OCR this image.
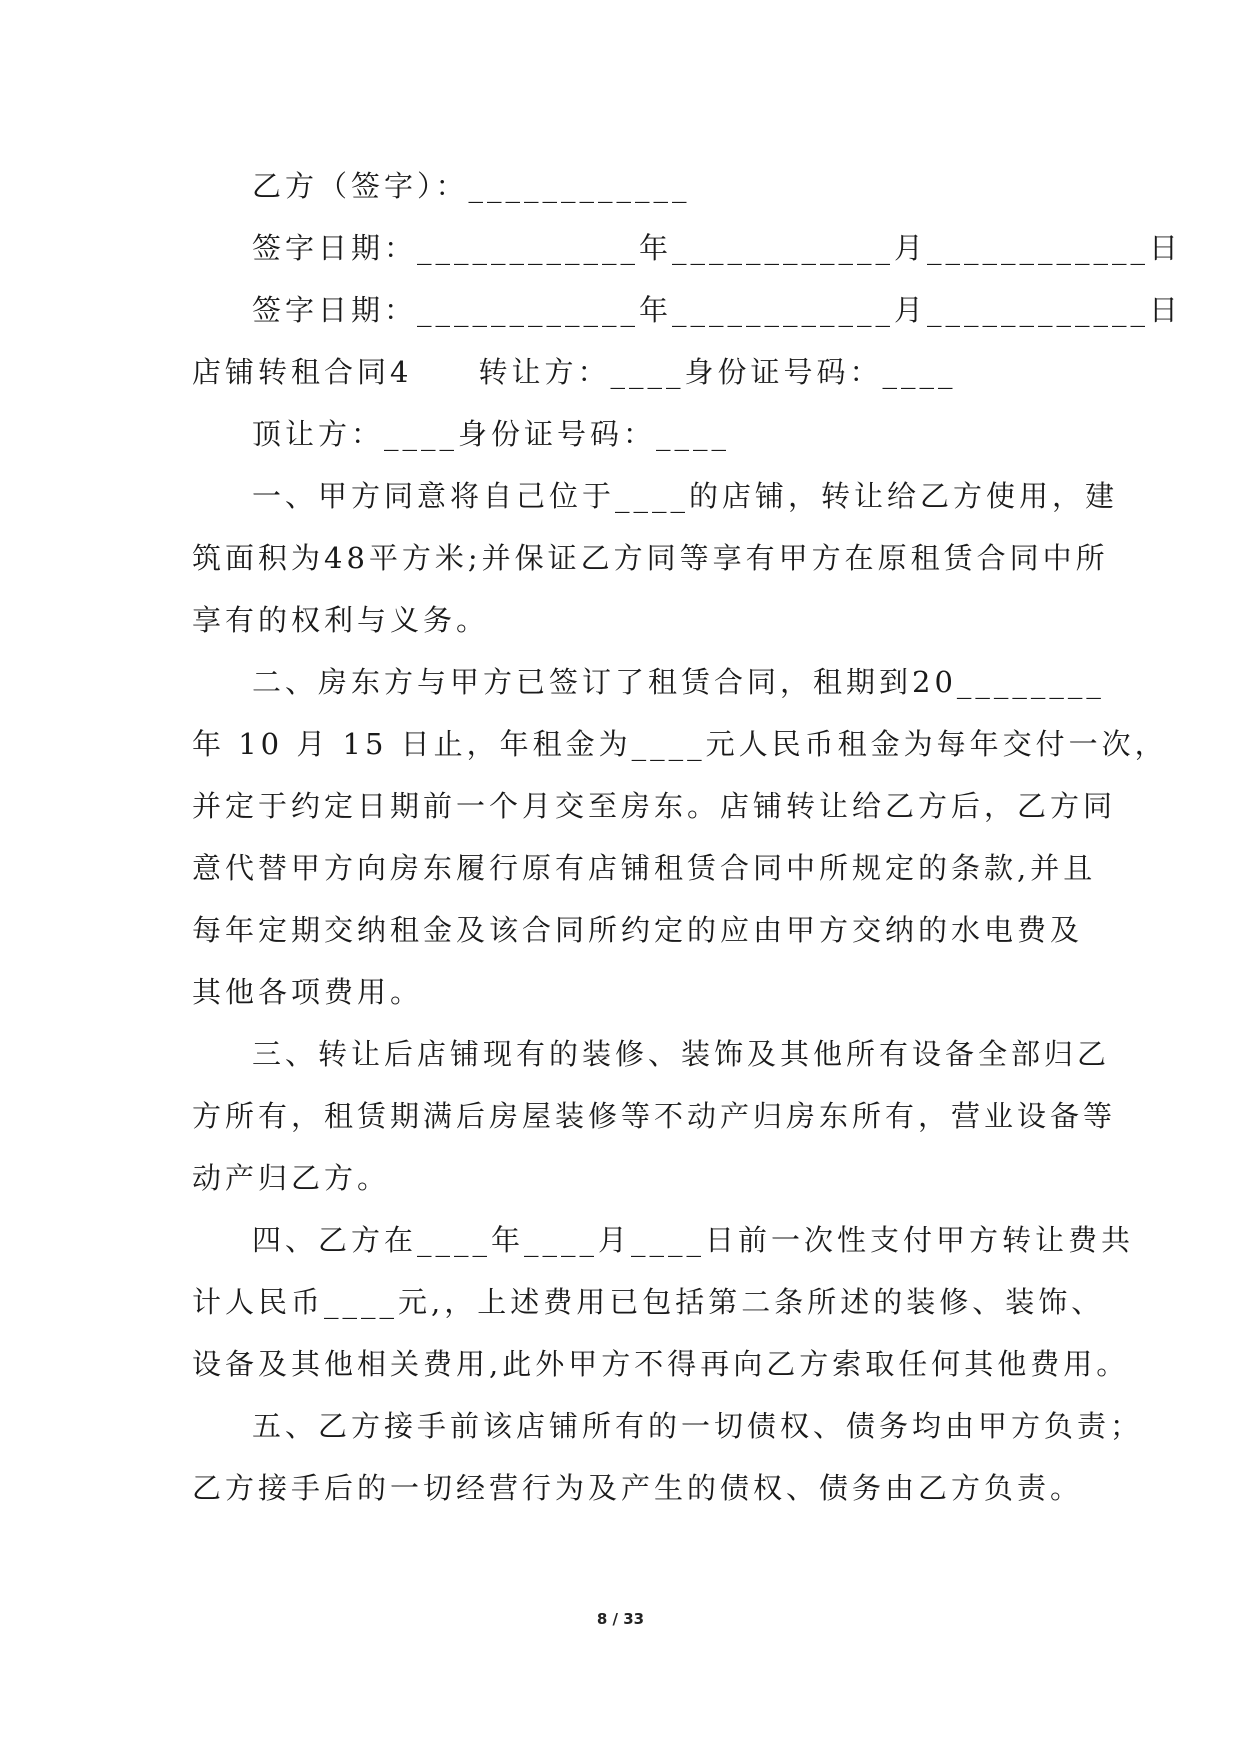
乙方（签字）：____________
签字日期：____________年____________月____________日
签字日期：____________年____________月____________日
店铺转租合同4　　转让方：____身份证号码：____
顶让方：____身份证号码：____
一、甲方同意将自己位于____的店铺，转让给乙方使用，建
筑面积为48平方米;并保证乙方同等享有甲方在原租赁合同中所
享有的权利与义务。
二、房东方与甲方已签订了租赁合同，租期到20________
年 10 月 15 日止，年租金为____元人民币租金为每年交付一次，
并定于约定日期前一个月交至房东。店铺转让给乙方后，乙方同
意代替甲方向房东履行原有店铺租赁合同中所规定的条款,并且
每年定期交纳租金及该合同所约定的应由甲方交纳的水电费及
其他各项费用。
三、转让后店铺现有的装修、装饰及其他所有设备全部归乙
方所有，租赁期满后房屋装修等不动产归房东所有，营业设备等
动产归乙方。
四、乙方在____年____月____日前一次性支付甲方转让费共
计人民币____元,，上述费用已包括第二条所述的装修、装饰、
设备及其他相关费用,此外甲方不得再向乙方索取任何其他费用。
五、乙方接手前该店铺所有的一切债权、债务均由甲方负责；
乙方接手后的一切经营行为及产生的债权、债务由乙方负责。
8 / 33
